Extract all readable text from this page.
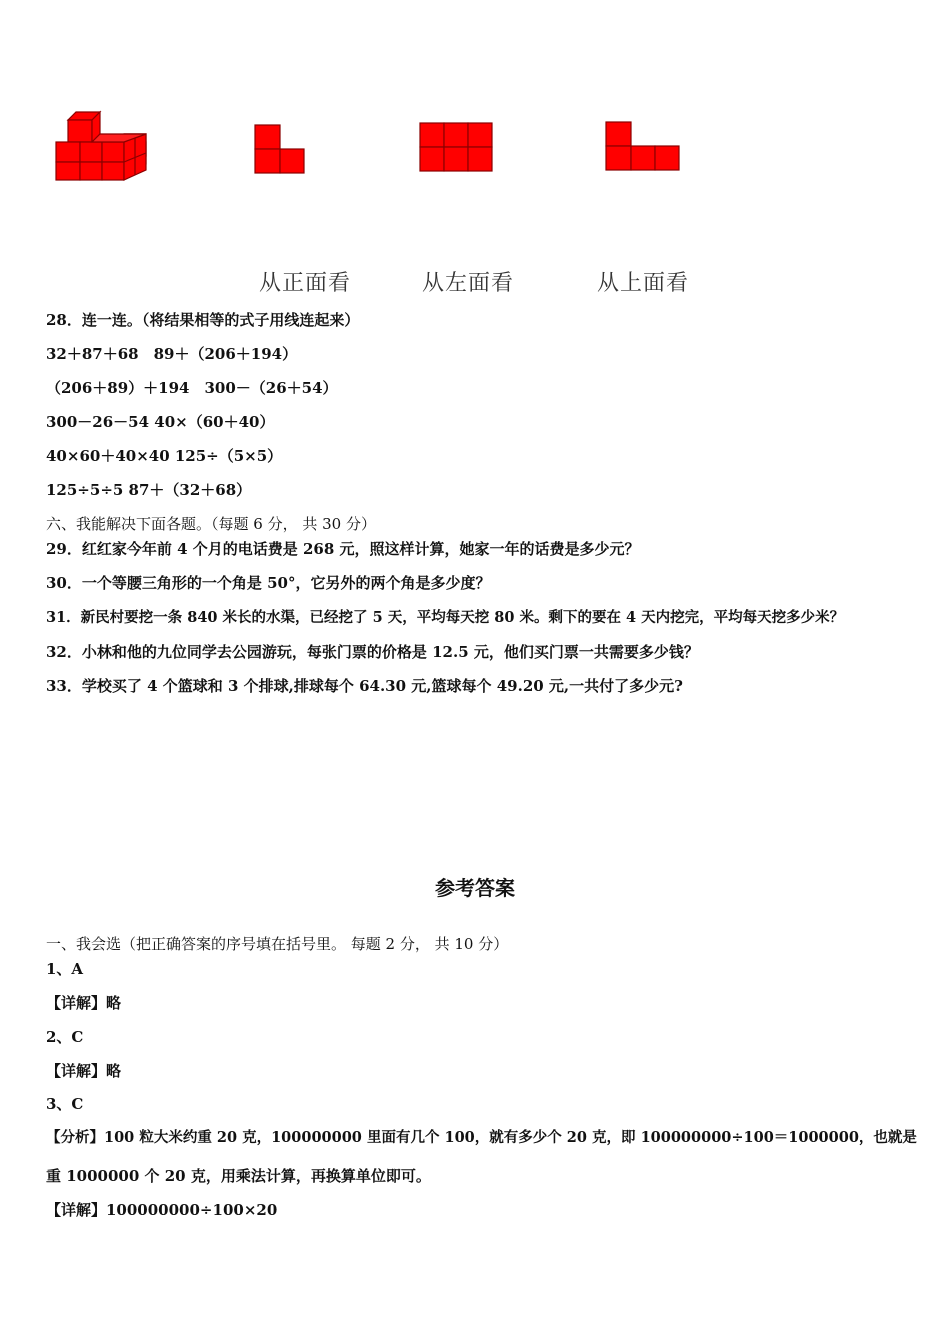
从正面看	从左面看	从上面看
28．连一连。（将结果相等的式子用线连起来）
32＋87＋68　89＋（206＋194）
（206＋89）＋194　300－（26＋54）
300－26－54 40×（60＋40）
40×60＋40×40 125÷（5×5）
125÷5÷5 87＋（32＋68）
六、我能解决下面各题。（每题 6 分， 共 30 分）
29．红红家今年前 4 个月的电话费是 268 元，照这样计算，她家一年的话费是多少元？
30．一个等腰三角形的一个角是 50°，它另外的两个角是多少度？
31．新民村要挖一条 840 米长的水渠，已经挖了 5 天，平均每天挖 80 米。剩下的要在 4 天内挖完，平均每天挖多少米？
32．小林和他的九位同学去公园游玩，每张门票的价格是 12.5 元，他们买门票一共需要多少钱？
33．学校买了 4 个篮球和 3 个排球,排球每个 64.30 元,篮球每个 49.20 元,一共付了多少元?
参考答案
一、我会选（把正确答案的序号填在括号里。 每题 2 分， 共 10 分）
1、A
【详解】略
2、C
【详解】略
3、C
【分析】100 粒大米约重 20 克，100000000 里面有几个 100，就有多少个 20 克，即 100000000÷100＝1000000，也就是
重 1000000 个 20 克，用乘法计算，再换算单位即可。
【详解】100000000÷100×20
